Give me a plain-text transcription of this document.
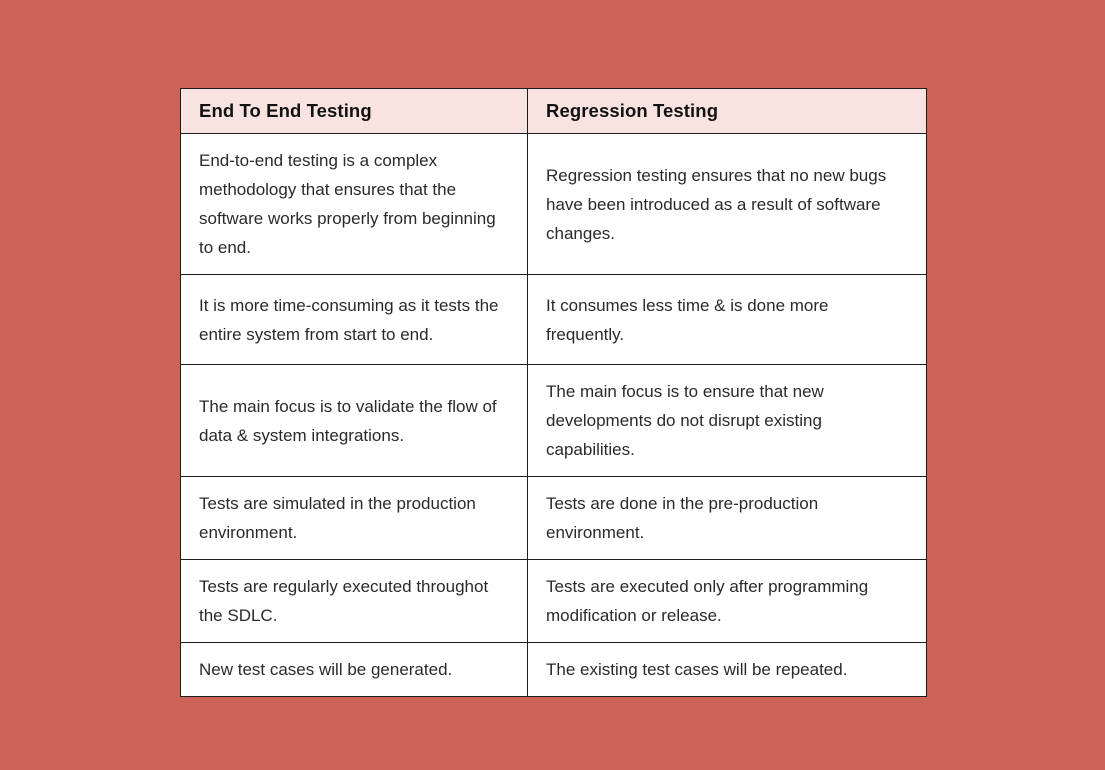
End To End Testing	Regression Testing
End-to-end testing is a complex methodology that ensures that the software works properly from beginning to end.	Regression testing ensures that no new bugs have been introduced as a result of software changes.
It is more time-consuming as it tests the entire system from start to end.	It consumes less time & is done more frequently.
The main focus is to validate the flow of data & system integrations.	The main focus is to ensure that new developments do not disrupt existing capabilities.
Tests are simulated in the production environment.	Tests are done in the pre-production environment.
Tests are regularly executed throughot the SDLC.	Tests are executed only after programming modification or release.
New test cases will be generated.	The existing test cases will be repeated.
